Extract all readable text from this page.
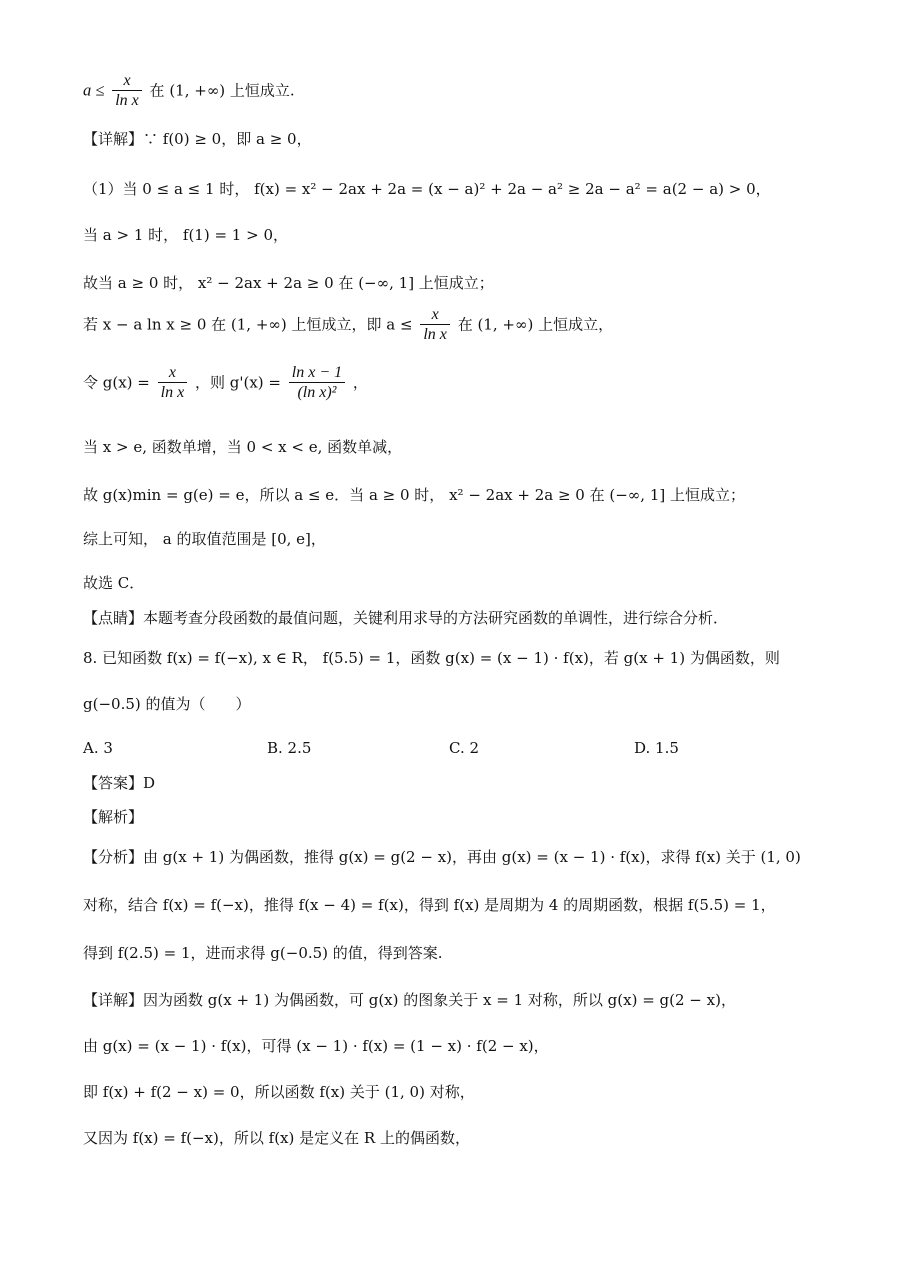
$a \le \frac{x}{\text{ln x}}$ 在 (1, +∞) 上恒成立.
【详解】∵ f(0) ≥ 0，即 a ≥ 0，
（1）当 0 ≤ a ≤ 1 时， f(x) = x² − 2ax + 2a = (x − a)² + 2a − a² ≥ 2a − a² = a(2 − a) > 0，
当 a > 1 时， f(1) = 1 > 0，
故当 a ≥ 0 时， x² − 2ax + 2a ≥ 0 在 (−∞, 1] 上恒成立；
若 x − a ln x ≥ 0 在 (1, +∞) 上恒成立，即 $a \le \frac{x}{\text{ln x}}$ 在 (1, +∞) 上恒成立，
令 $g(x) = \frac{x}{\text{ln x}}$ ，则 $g'(x) = \frac{\text{ln x − 1}}{\text{(ln x)²}}$ ，
当 x > e, 函数单增，当 0 < x < e, 函数单减，
故 g(x)min = g(e) = e，所以 a ≤ e．当 a ≥ 0 时， x² − 2ax + 2a ≥ 0 在 (−∞, 1] 上恒成立；
综上可知， a 的取值范围是 [0, e]，
故选 C．
【点睛】本题考查分段函数的最值问题，关键利用求导的方法研究函数的单调性，进行综合分析．
8. 已知函数 f(x) = f(−x), x ∈ R， f(5.5) = 1，函数 g(x) = (x − 1) · f(x)，若 g(x + 1) 为偶函数，则
g(−0.5) 的值为（　　）
A. 3	B. 2.5	C. 2	D. 1.5
【答案】D
【解析】
【分析】由 g(x + 1) 为偶函数，推得 g(x) = g(2 − x)，再由 g(x) = (x − 1) · f(x)，求得 f(x) 关于 (1, 0)
对称，结合 f(x) = f(−x)，推得 f(x − 4) = f(x)，得到 f(x) 是周期为 4 的周期函数，根据 f(5.5) = 1，
得到 f(2.5) = 1，进而求得 g(−0.5) 的值，得到答案.
【详解】因为函数 g(x + 1) 为偶函数，可 g(x) 的图象关于 x = 1 对称，所以 g(x) = g(2 − x)，
由 g(x) = (x − 1) · f(x)，可得 (x − 1) · f(x) = (1 − x) · f(2 − x)，
即 f(x) + f(2 − x) = 0，所以函数 f(x) 关于 (1, 0) 对称，
又因为 f(x) = f(−x)，所以 f(x) 是定义在 R 上的偶函数，
